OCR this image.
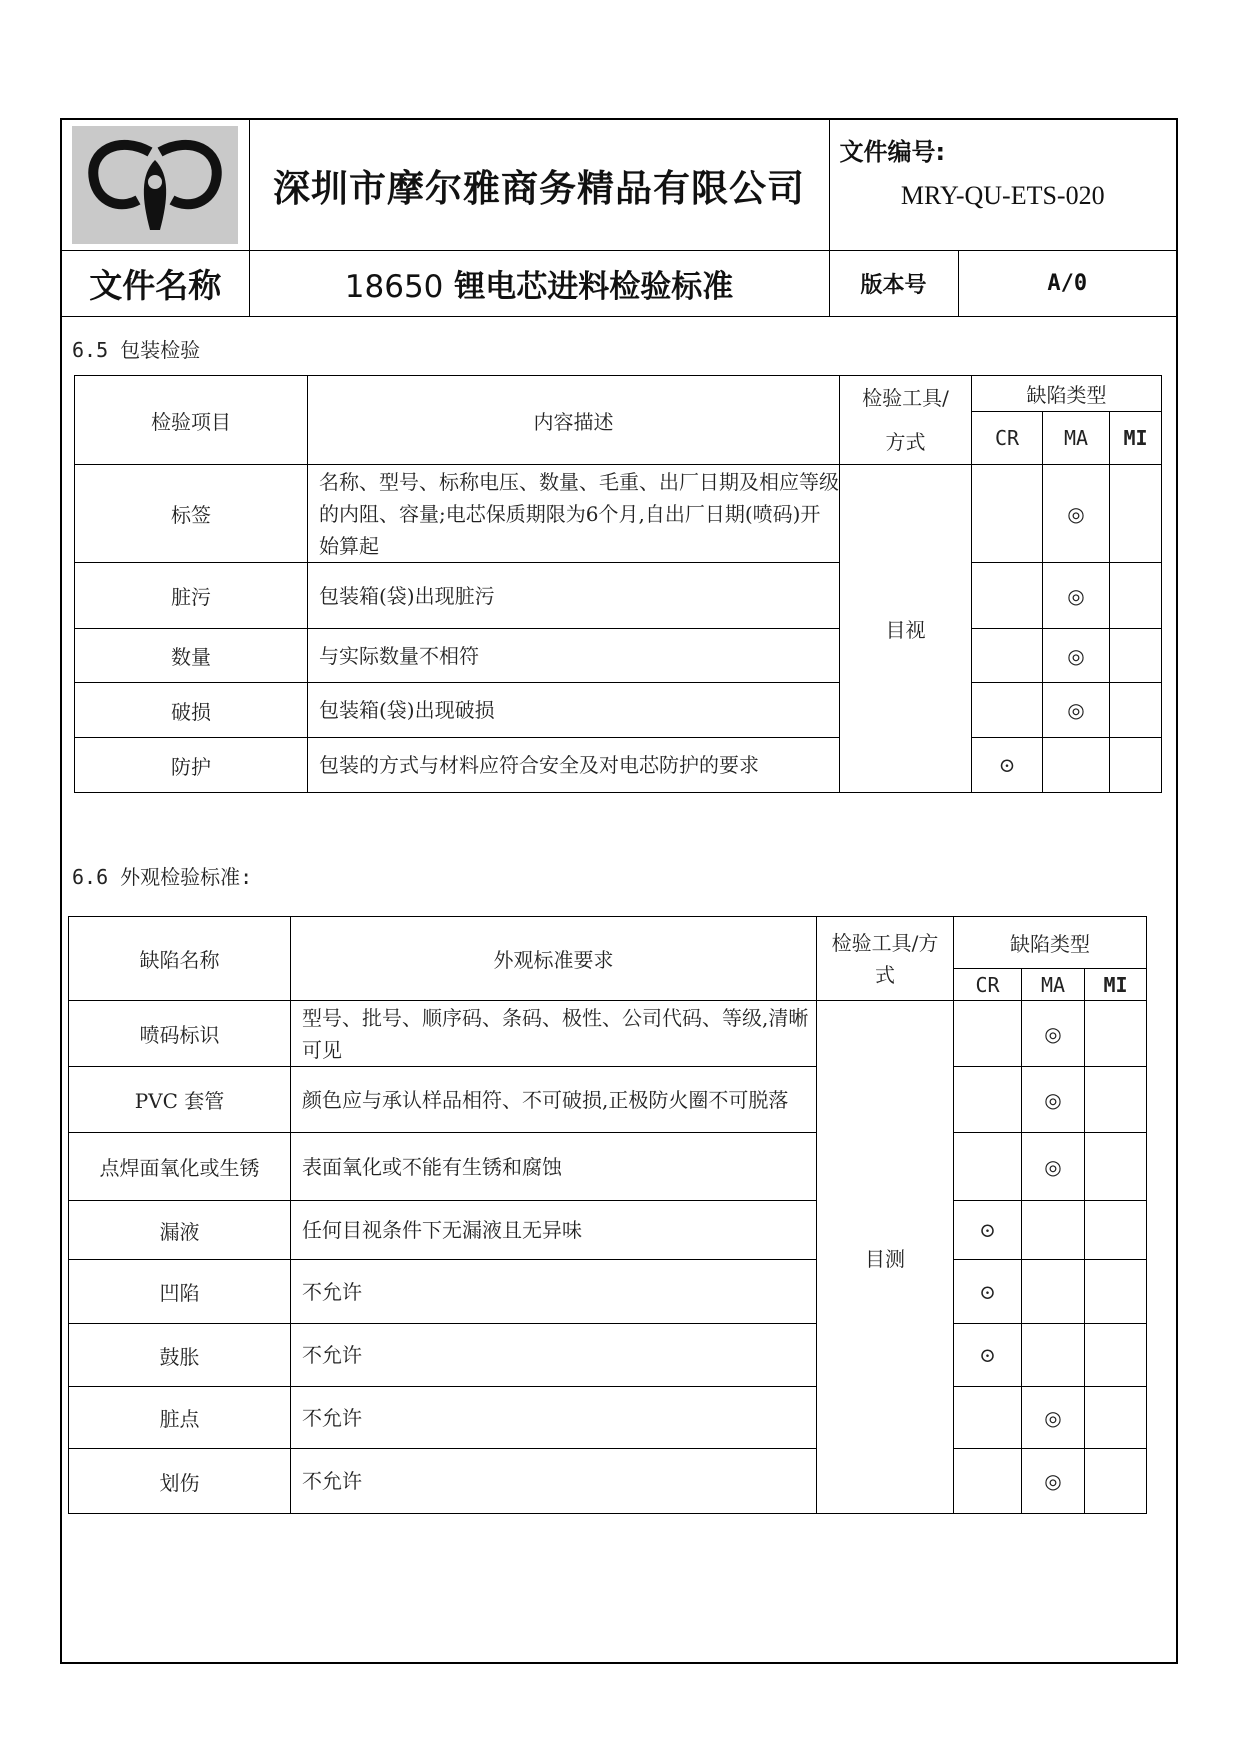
	深圳市摩尔雅商务精品有限公司	文件编号:
MRY-QU-ETS-020	

文件名称	18650 锂电芯进料检验标准	版本号	A/0
6.5 包装检验
检验项目	内容描述	检验工具/
方式	缺陷类型		
			CR	MA	MI
标签	名称、型号、标称电压、数量、毛重、出厂日期及相应等级的内阻、容量;电芯保质期限为6个月,自出厂日期(喷码)开始算起	目视		◎	
脏污	包装箱(袋)出现脏污			◎	
数量	与实际数量不相符			◎	
破损	包装箱(袋)出现破损			◎	
防护	包装的方式与材料应符合安全及对电芯防护的要求		⊙		
6.6 外观检验标准:
缺陷名称	外观标准要求	检验工具/方
式	缺陷类型		
			CR	MA	MI
喷码标识	型号、批号、顺序码、条码、极性、公司代码、等级,清晰可见	目测		◎	
PVC 套管	颜色应与承认样品相符、不可破损,正极防火圈不可脱落			◎	
点焊面氧化或生锈	表面氧化或不能有生锈和腐蚀			◎	
漏液	任何目视条件下无漏液且无异味		⊙		
凹陷	不允许		⊙		
鼓胀	不允许		⊙		
脏点	不允许			◎	
划伤	不允许			◎	
